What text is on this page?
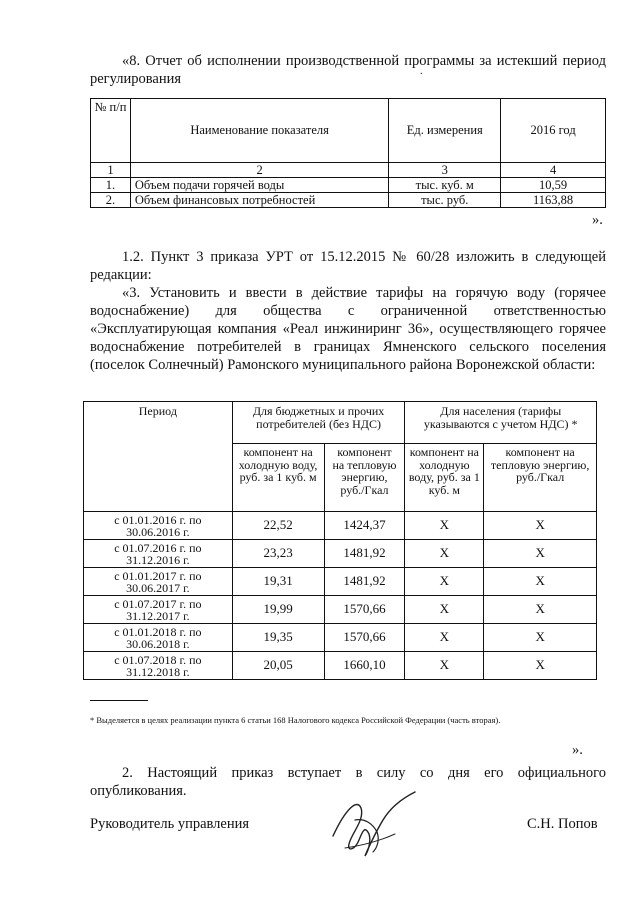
«8. Отчет об исполнении производственной программы за истекший период регулирования	.
№ п/п	Наименование показателя	Ед. измерения	2016 год
1	2	3	4
1.	Объем подачи горячей воды	тыс. куб. м	10,59
2.	Объем финансовых потребностей	тыс. руб.	1163,88
».
1.2. Пункт 3 приказа УРТ от 15.12.2015 № 60/28 изложить в следующей редакции:
«3. Установить и ввести в действие тарифы на горячую воду (горячее водоснабжение) для общества с ограниченной ответственностью «Эксплуатирующая компания «Реал инжиниринг 36», осуществляющего горячее водоснабжение потребителей в границах Ямненского сельского поселения (поселок Солнечный) Рамонского муниципального района Воронежской области:
Период	Для бюджетных и прочих потребителей (без НДС)		Для населения (тарифы указываются с учетом НДС) *	
	компонент на холодную воду, руб. за 1 куб. м	компонент на тепловую энергию, руб./Гкал	компонент на холодную воду, руб. за 1 куб. м	компонент на тепловую энергию, руб./Гкал
с 01.01.2016 г. по 30.06.2016 г.	22,52	1424,37	X	X
с 01.07.2016 г. по 31.12.2016 г.	23,23	1481,92	X	X
с 01.01.2017 г. по 30.06.2017 г.	19,31	1481,92	X	X
с 01.07.2017 г. по 31.12.2017 г.	19,99	1570,66	X	X
с 01.01.2018 г. по 30.06.2018 г.	19,35	1570,66	X	X
с 01.07.2018 г. по 31.12.2018 г.	20,05	1660,10	X	X
* Выделяется в целях реализации пункта 6 статьи 168 Налогового кодекса Российской Федерации (часть вторая).
».
2. Настоящий приказ вступает в силу со дня его официального опубликования.
Руководитель управления	С.Н. Попов
